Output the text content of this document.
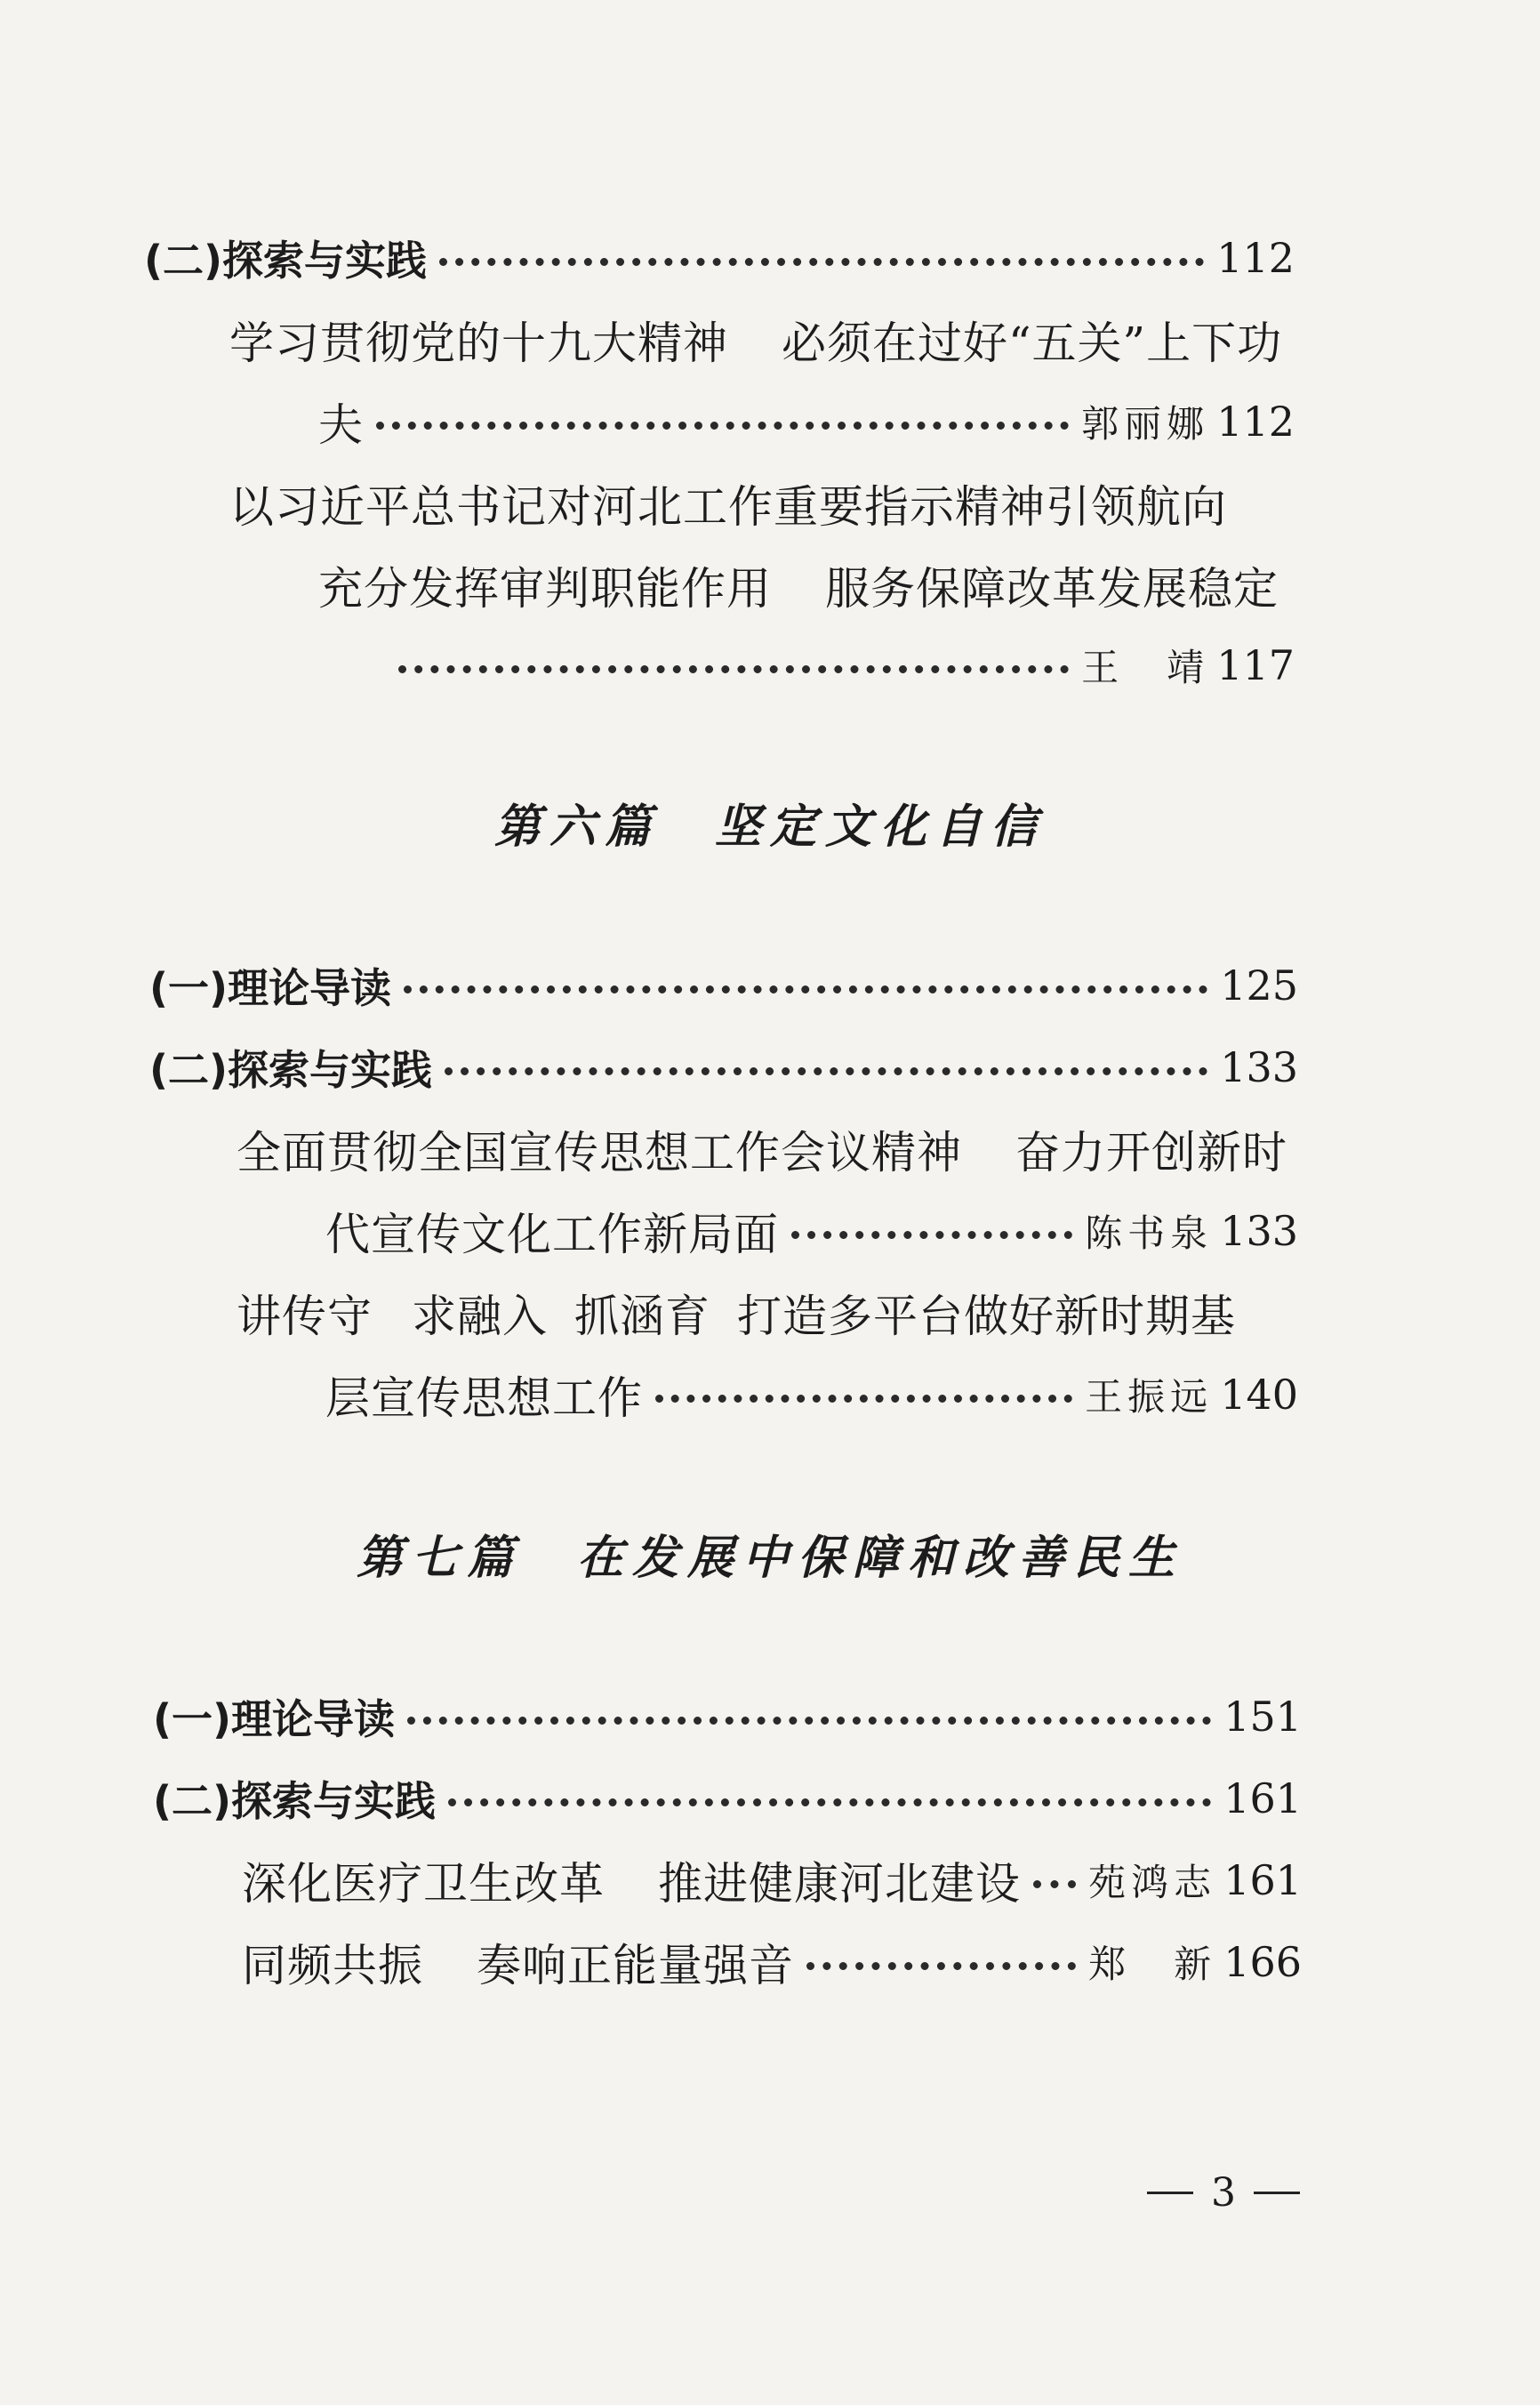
(二)探索与实践	112
学习贯彻党的十九大精神 必须在过好“五关”上下功
夫	郭丽娜 112
以习近平总书记对河北工作重要指示精神引领航向
充分发挥审判职能作用 服务保障改革发展稳定
王　靖 117
第六篇　坚定文化自信
(一)理论导读	125
(二)探索与实践	133
全面贯彻全国宣传思想工作会议精神 奋力开创新时
代宣传文化工作新局面	陈书泉 133
讲传守 求融入 抓涵育 打造多平台做好新时期基
层宣传思想工作	王振远 140
第七篇　在发展中保障和改善民生
(一)理论导读	151
(二)探索与实践	161
深化医疗卫生改革 推进健康河北建设 苑鸿志 161
同频共振 奏响正能量强音	郑　新 166
3
